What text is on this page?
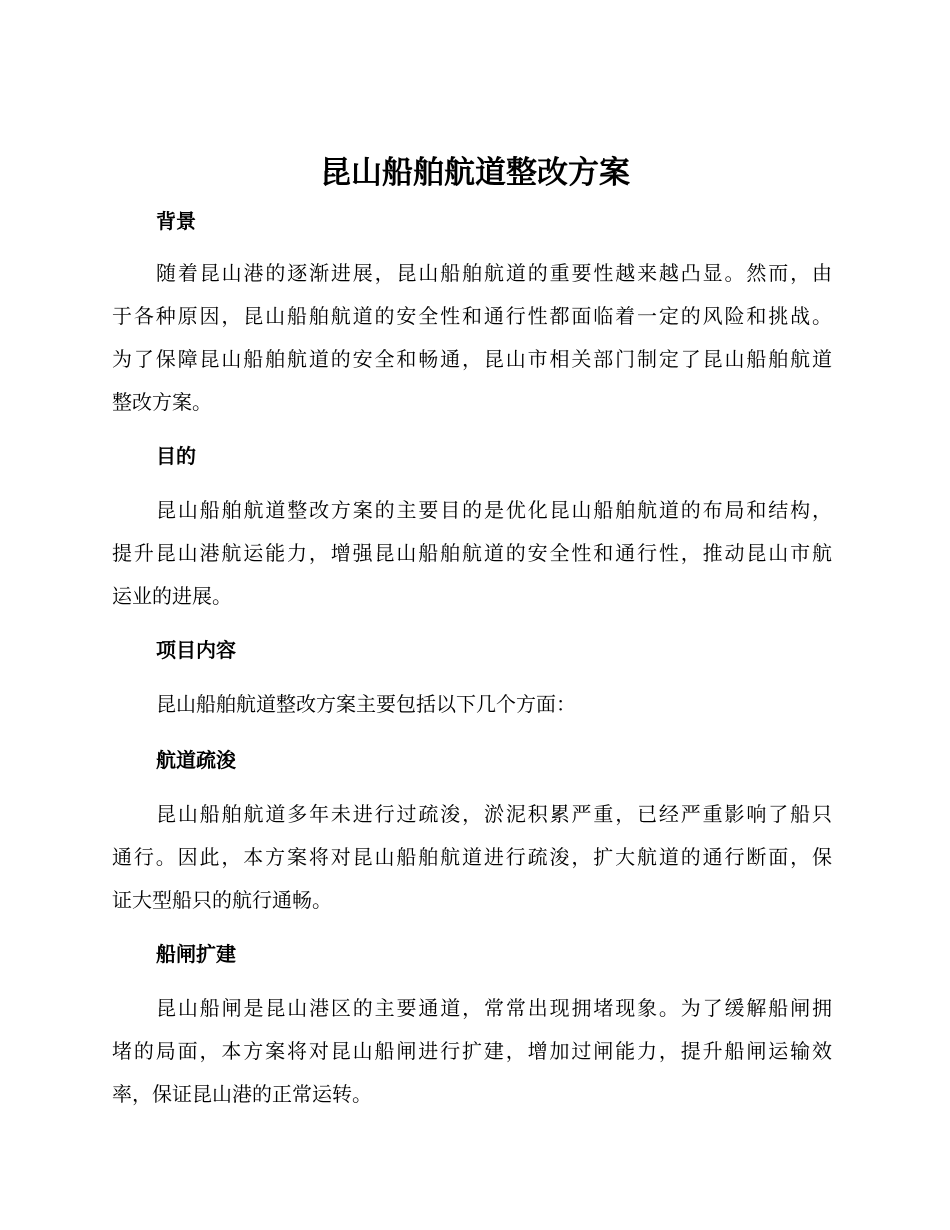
昆山船舶航道整改方案
背景

随着昆山港的逐渐进展，昆山船舶航道的重要性越来越凸显。然而，由
于各种原因，昆山船舶航道的安全性和通行性都面临着一定的风险和挑战。
为了保障昆山船舶航道的安全和畅通，昆山市相关部门制定了昆山船舶航道
整改方案。

目的

昆山船舶航道整改方案的主要目的是优化昆山船舶航道的布局和结构，
提升昆山港航运能力，增强昆山船舶航道的安全性和通行性，推动昆山市航
运业的进展。

项目内容

昆山船舶航道整改方案主要包括以下几个方面：

航道疏浚

昆山船舶航道多年未进行过疏浚，淤泥积累严重，已经严重影响了船只
通行。因此，本方案将对昆山船舶航道进行疏浚，扩大航道的通行断面，保
证大型船只的航行通畅。

船闸扩建

昆山船闸是昆山港区的主要通道，常常出现拥堵现象。为了缓解船闸拥
堵的局面，本方案将对昆山船闸进行扩建，增加过闸能力，提升船闸运输效
率，保证昆山港的正常运转。
